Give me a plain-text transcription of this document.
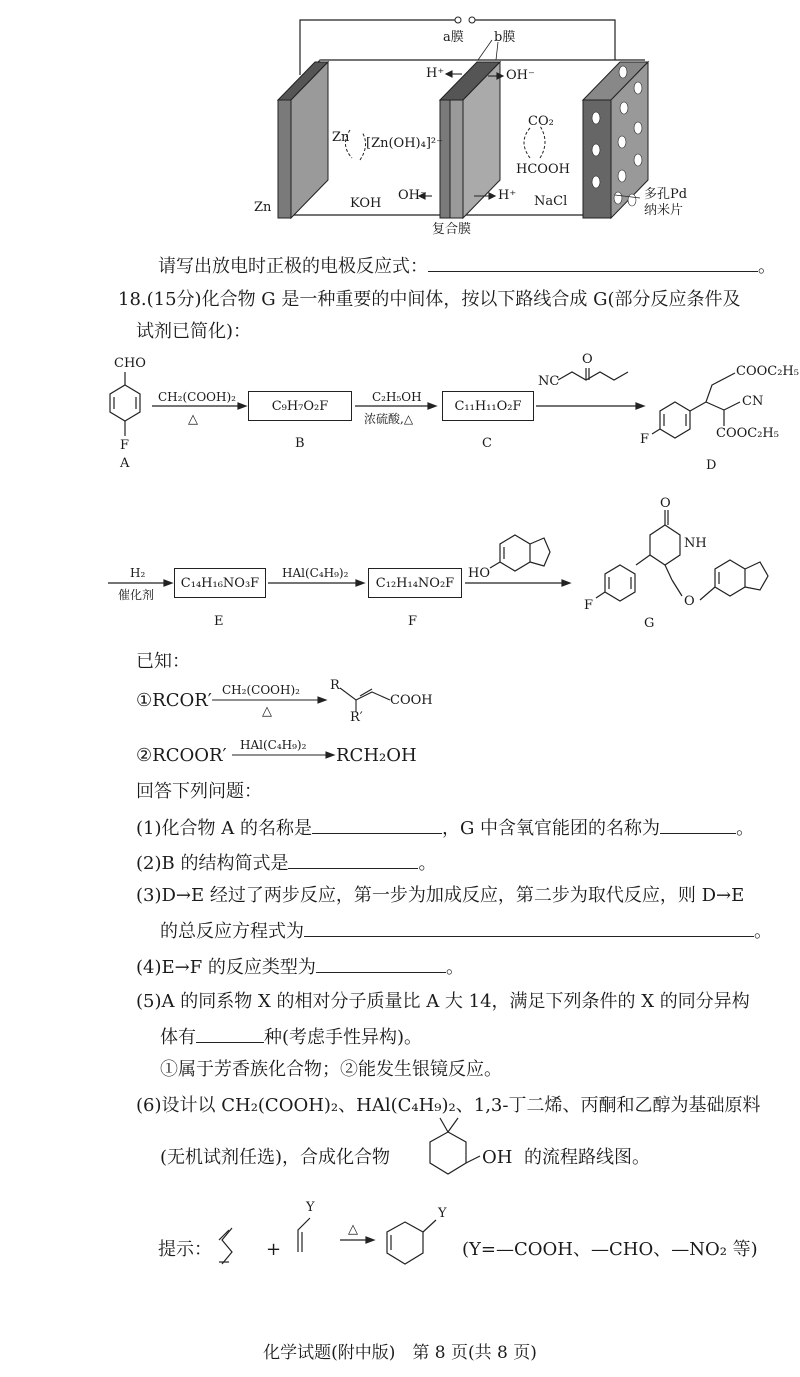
a膜 b膜
H⁺	OH⁻
Zn [Zn(OH)₄]²⁻
CO₂
HCOOH
Zn	KOH
OH⁻	H⁺ NaCl
复合膜
多孔Pd
纳米片
请写出放电时正极的电极反应式：	。
18.(15分)化合物 G 是一种重要的中间体，按以下路线合成 G(部分反应条件及
试剂已简化)：
CHO
F
A
CH₂(COOH)₂
△
C₉H₇O₂F
B
C₂H₅OH
浓硫酸,△
C₁₁H₁₁O₂F
C
NC
O
COOC₂H₅
CN
COOC₂H₅
F
D
H₂
催化剂
C₁₄H₁₆NO₃F
E
HAl(C₄H₉)₂
C₁₂H₁₄NO₂F
F
HO
O
NH
F	O
G
已知：
①RCOR′ CH₂(COOH)₂
△
R
R′
COOH
②RCOOR′ HAl(C₄H₉)₂ RCH₂OH
回答下列问题：
(1)化合物 A 的名称是	，G 中含氧官能团的名称为	。
(2)B 的结构简式是	。
(3)D→E 经过了两步反应，第一步为加成反应，第二步为取代反应，则 D→E
的总反应方程式为	。
(4)E→F 的反应类型为	。
(5)A 的同系物 X 的相对分子质量比 A 大 14，满足下列条件的 X 的同分异构
体有	种(考虑手性异构)。
①属于芳香族化合物；②能发生银镜反应。
(6)设计以 CH₂(COOH)₂、HAl(C₄H₉)₂、1,3-丁二烯、丙酮和乙醇为基础原料
(无机试剂任选)，合成化合物	OH 的流程路线图。
提示：	+
Y
△
Y
(Y=—COOH、—CHO、—NO₂ 等)
化学试题(附中版)　第 8 页(共 8 页)
